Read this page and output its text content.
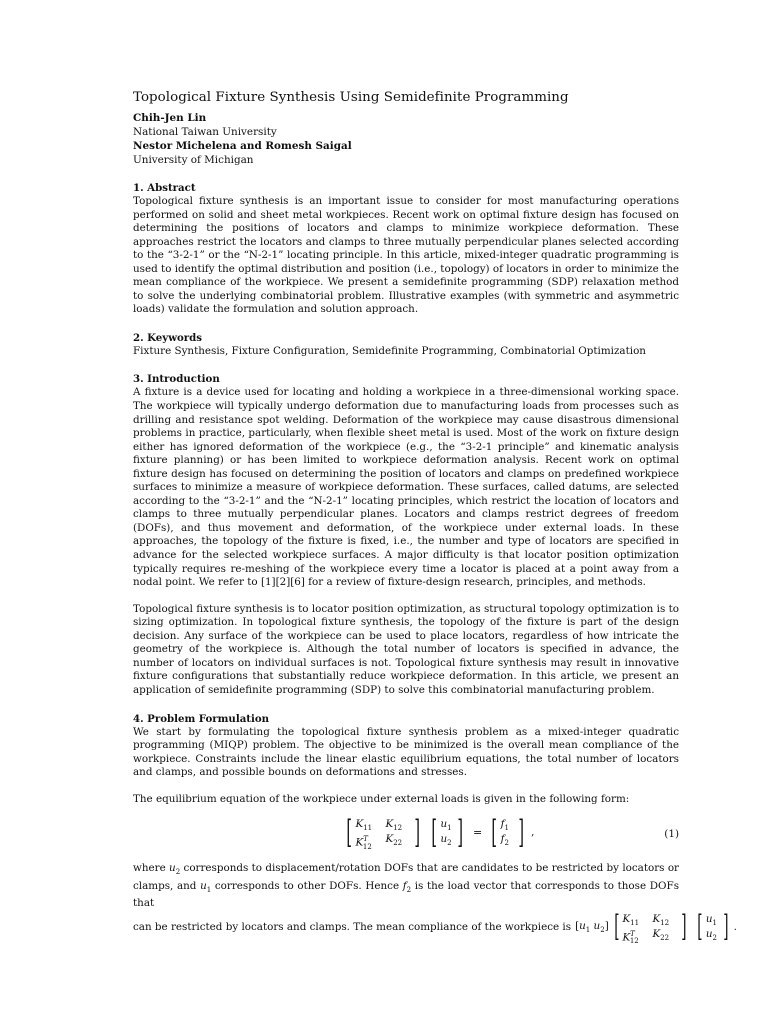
Topological Fixture Synthesis Using Semidefinite Programming
Chih-Jen Lin
National Taiwan University
Nestor Michelena and Romesh Saigal
University of Michigan
1. Abstract

Topological fixture synthesis is an important issue to consider for most manufacturing operations performed on solid and sheet metal workpieces. Recent work on optimal fixture design has focused on determining the positions of locators and clamps to minimize workpiece deformation. These approaches restrict the locators and clamps to three mutually perpendicular planes selected according to the “3-2-1” or the “N-2-1” locating principle. In this article, mixed-integer quadratic programming is used to identify the optimal distribution and position (i.e., topology) of locators in order to minimize the mean compliance of the workpiece. We present a semidefinite programming (SDP) relaxation method to solve the underlying combinatorial problem. Illustrative examples (with symmetric and asymmetric loads) validate the formulation and solution approach.

2. Keywords

Fixture Synthesis, Fixture Configuration, Semidefinite Programming, Combinatorial Optimization

3. Introduction

A fixture is a device used for locating and holding a workpiece in a three-dimensional working space. The workpiece will typically undergo deformation due to manufacturing loads from processes such as drilling and resistance spot welding. Deformation of the workpiece may cause disastrous dimensional problems in practice, particularly, when flexible sheet metal is used. Most of the work on fixture design either has ignored deformation of the workpiece (e.g., the “3-2-1 principle” and kinematic analysis fixture planning) or has been limited to workpiece deformation analysis. Recent work on optimal fixture design has focused on determining the position of locators and clamps on predefined workpiece surfaces to minimize a measure of workpiece deformation. These surfaces, called datums, are selected according to the “3-2-1” and the “N-2-1” locating principles, which restrict the location of locators and clamps to three mutually perpendicular planes. Locators and clamps restrict degrees of freedom (DOFs), and thus movement and deformation, of the workpiece under external loads. In these approaches, the topology of the fixture is fixed, i.e., the number and type of locators are specified in advance for the selected workpiece surfaces. A major difficulty is that locator position optimization typically requires re-meshing of the workpiece every time a locator is placed at a point away from a nodal point. We refer to [1][2][6] for a review of fixture-design research, principles, and methods.

Topological fixture synthesis is to locator position optimization, as structural topology optimization is to sizing optimization. In topological fixture synthesis, the topology of the fixture is part of the design decision. Any surface of the workpiece can be used to place locators, regardless of how intricate the geometry of the workpiece is. Although the total number of locators is specified in advance, the number of locators on individual surfaces is not. Topological fixture synthesis may result in innovative fixture configurations that substantially reduce workpiece deformation. In this article, we present an application of semidefinite programming (SDP) to solve this combinatorial manufacturing problem.

4. Problem Formulation

We start by formulating the topological fixture synthesis problem as a mixed-integer quadratic programming (MIQP) problem. The objective to be minimized is the overall mean compliance of the workpiece. Constraints include the linear elastic equilibrium equations, the total number of locators and clamps, and possible bounds on deformations and stresses.

The equilibrium equation of the workpiece under external loads is given in the following form:

[ $K_{11}$	$K_{12}$
$K^T_{12}$
$K_{22}$ ] [ $u_1$
$u_2$ ] = [ $f_1$
$f_2$ ] ,	(1)

where $u_2$ corresponds to displacement/rotation DOFs that are candidates to be restricted by locators or clamps, and $u_1$ corresponds to other DOFs. Hence $f_2$ is the load vector that corresponds to those DOFs that

can be restricted by locators and clamps. The mean compliance of the workpiece is [$u_1$ $u_2$] [ $K_{11}$	$K_{12}$
$K^T_{12}$
$K_{22}$ ] [ $u_1$
$u_2$ ] .
